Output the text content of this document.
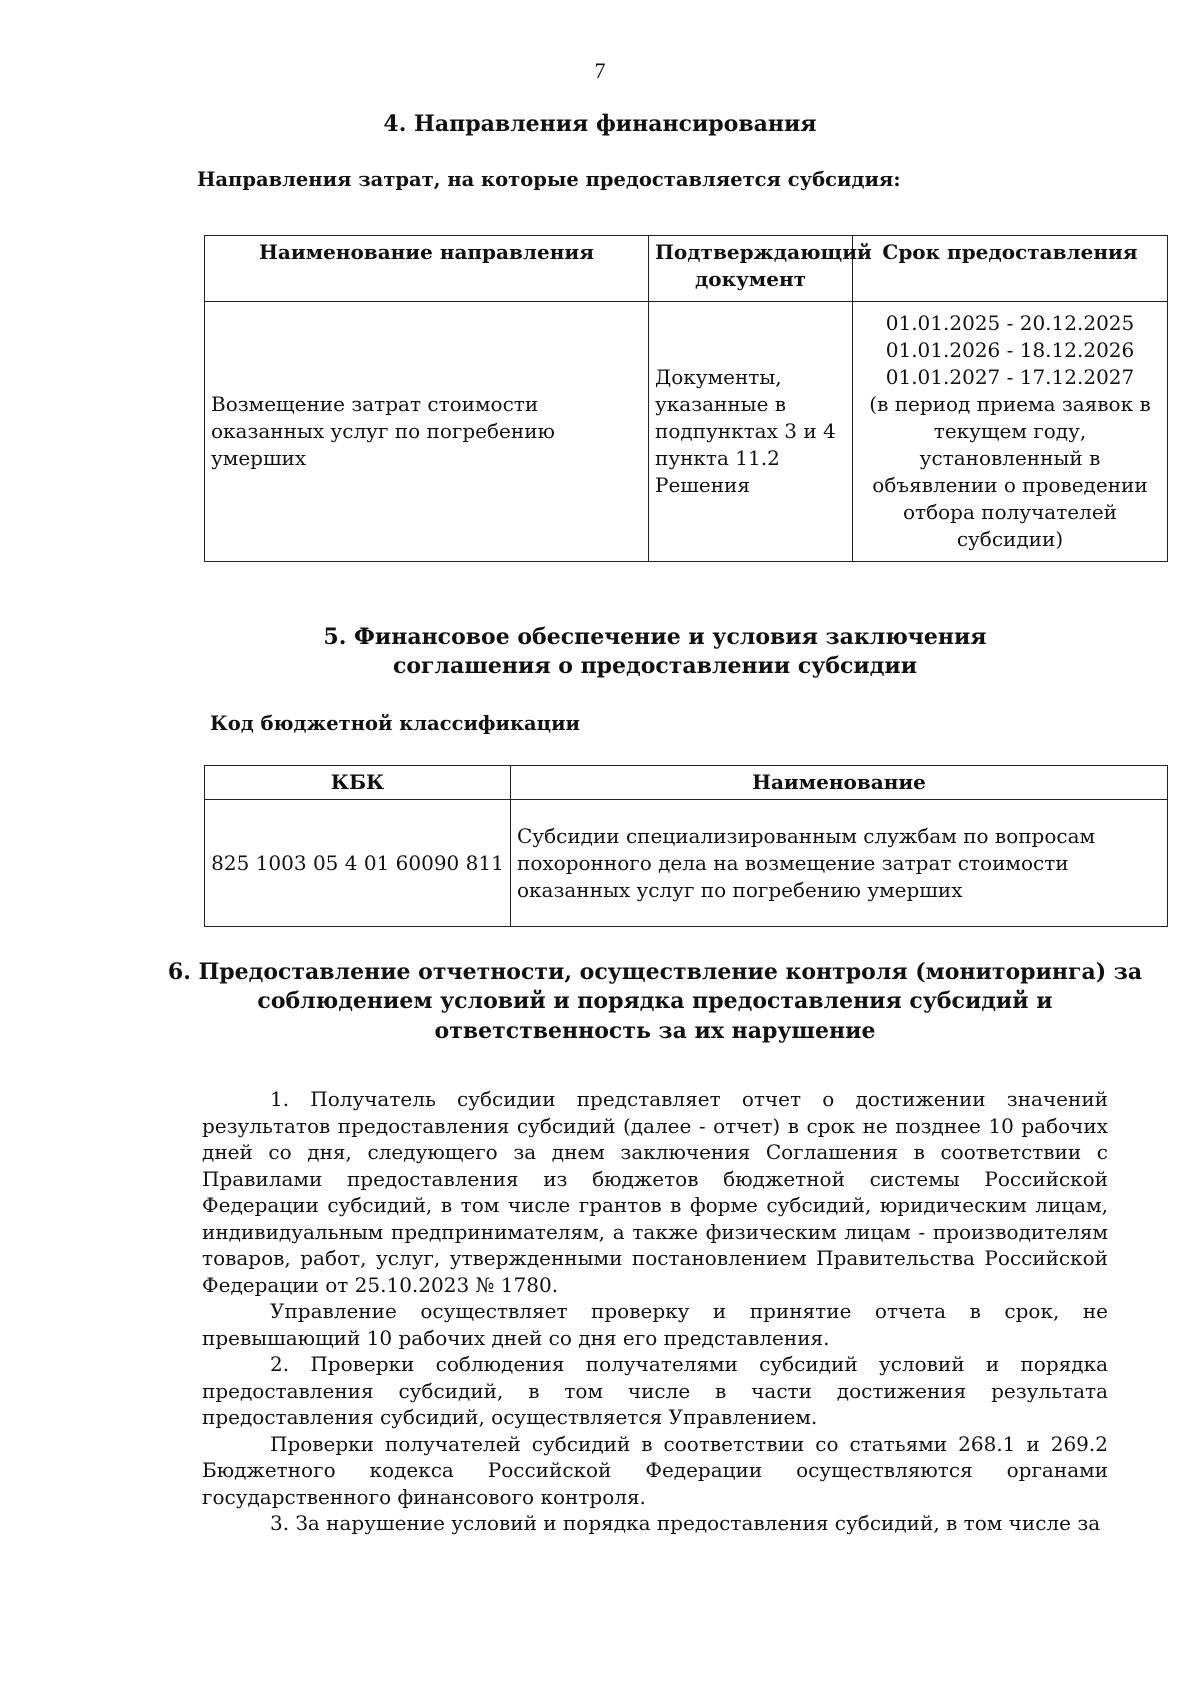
7
4. Направления финансирования
Направления затрат, на которые предоставляется субсидия:
Наименование направления	Подтверждающий документ	Срок предоставления
Возмещение затрат стоимости оказанных услуг по погребению умерших	Документы, указанные в подпунктах 3 и 4 пункта 11.2 Решения	01.01.2025 - 20.12.2025
01.01.2026 - 18.12.2026
01.01.2027 - 17.12.2027
(в период приема заявок в текущем году, установленный в объявлении о проведении отбора получателей субсидии)
5. Финансовое обеспечение и условия заключения
соглашения о предоставлении субсидии
Код бюджетной классификации
КБК	Наименование
825 1003 05 4 01 60090 811	Субсидии специализированным службам по вопросам похоронного дела на возмещение затрат стоимости оказанных услуг по погребению умерших
6. Предоставление отчетности, осуществление контроля (мониторинга) за
соблюдением условий и порядка предоставления субсидий и
ответственность за их нарушение

1. Получатель субсидии представляет отчет о достижении значений результатов предоставления субсидий (далее - отчет) в срок не позднее 10 рабочих дней со дня, следующего за днем заключения Соглашения в соответствии с Правилами предоставления из бюджетов бюджетной системы Российской Федерации субсидий, в том числе грантов в форме субсидий, юридическим лицам, индивидуальным предпринимателям, а также физическим лицам - производителям товаров, работ, услуг, утвержденными постановлением Правительства Российской Федерации от 25.10.2023 № 1780.

Управление осуществляет проверку и принятие отчета в срок, не превышающий 10 рабочих дней со дня его представления.

2. Проверки соблюдения получателями субсидий условий и порядка предоставления субсидий, в том числе в части достижения результата предоставления субсидий, осуществляется Управлением.

Проверки получателей субсидий в соответствии со статьями 268.1 и 269.2 Бюджетного кодекса Российской Федерации осуществляются органами государственного финансового контроля.

3. За нарушение условий и порядка предоставления субсидий, в том числе за
